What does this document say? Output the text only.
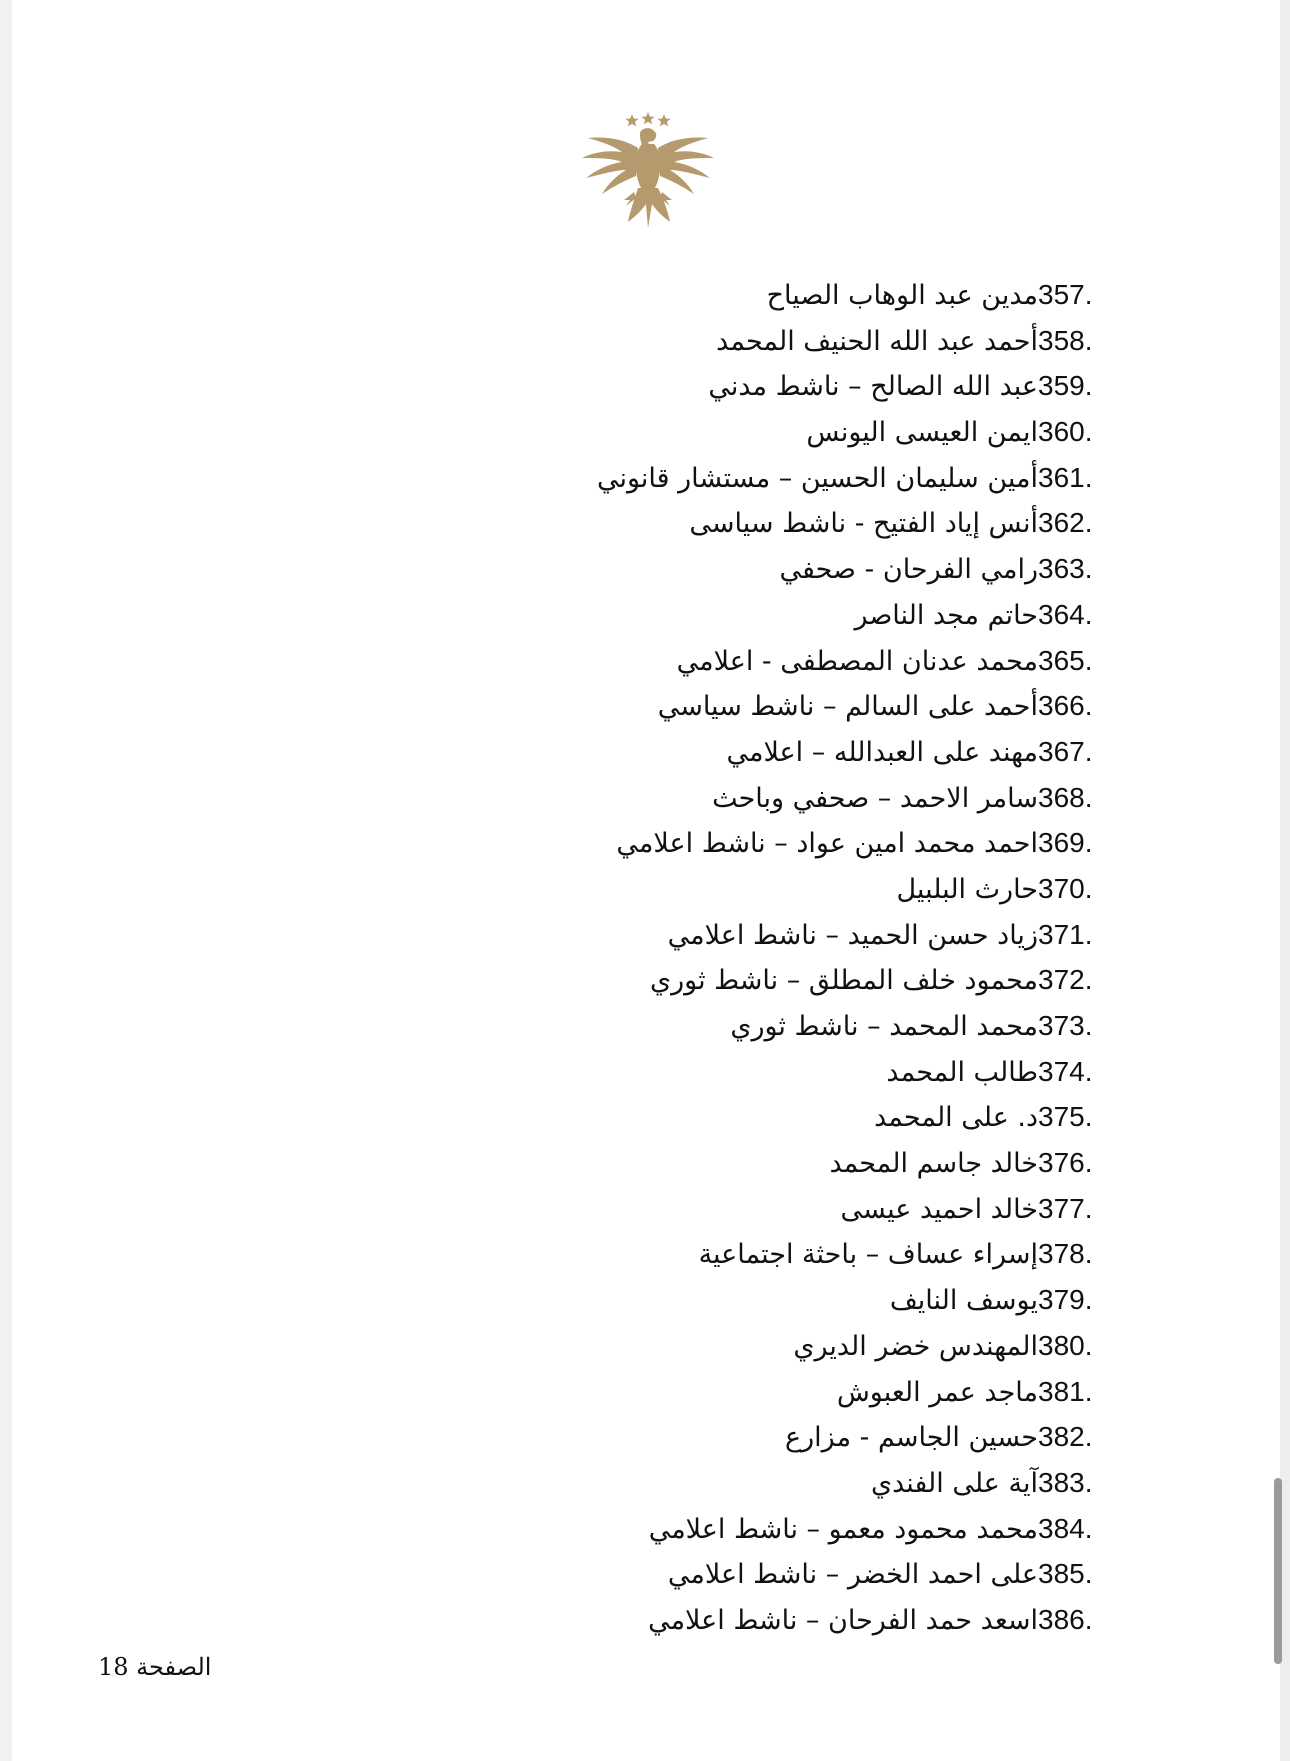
357.مدين عبد الوهاب الصياح
358.أحمد عبد الله الحنيف المحمد
359.عبد الله الصالح – ناشط مدني
360.ايمن العيسى اليونس
361.أمين سليمان الحسين – مستشار قانوني
362.أنس إياد الفتيح - ناشط سياسى
363.رامي الفرحان - صحفي
364.حاتم مجد الناصر
365.محمد عدنان المصطفى - اعلامي
366.أحمد على السالم – ناشط سياسي
367.مهند على العبدالله – اعلامي
368.سامر الاحمد – صحفي وباحث
369.احمد محمد امين عواد – ناشط اعلامي
370.حارث البلبيل
371.زياد حسن الحميد – ناشط اعلامي
372.محمود خلف المطلق – ناشط ثوري
373.محمد المحمد – ناشط ثوري
374.طالب المحمد
375.د. على المحمد
376.خالد جاسم المحمد
377.خالد احميد عيسى
378.إسراء عساف – باحثة اجتماعية
379.يوسف النايف
380.المهندس خضر الديري
381.ماجد عمر العبوش
382.حسين الجاسم - مزارع
383.آية على الفندي
384.محمد محمود معمو – ناشط اعلامي
385.على احمد الخضر – ناشط اعلامي
386.اسعد حمد الفرحان – ناشط اعلامي
الصفحة 18
